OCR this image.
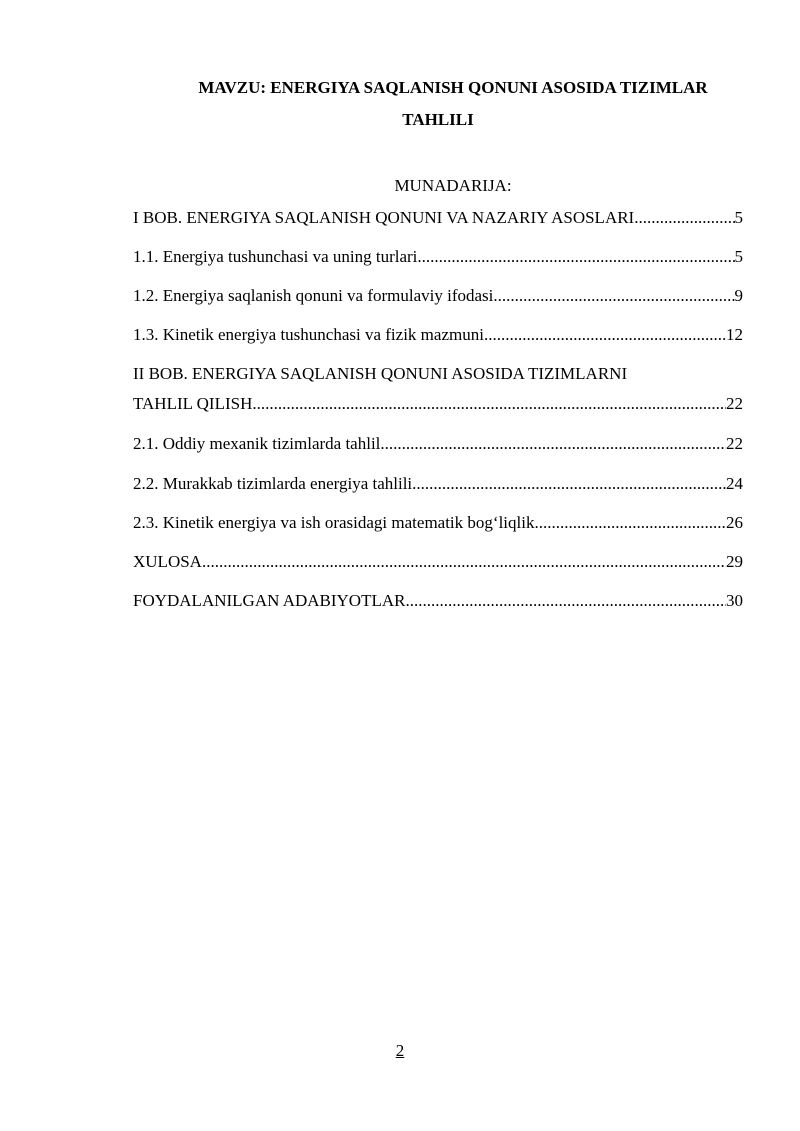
MAVZU: ENERGIYA SAQLANISH QONUNI ASOSIDA TIZIMLAR
TAHLILI
MUNADARIJA:
I BOB. ENERGIYA SAQLANISH QONUNI VA NAZARIY ASOSLARI .....	5
1.1. Energiya tushunchasi va uning turlari .....	5
1.2. Energiya saqlanish qonuni va formulaviy ifodasi .....	9
1.3. Kinetik energiya tushunchasi va fizik mazmuni .....	12
II BOB. ENERGIYA SAQLANISH QONUNI ASOSIDA TIZIMLARNI
TAHLIL QILISH .....	22
2.1. Oddiy mexanik tizimlarda tahlil .....	22
2.2. Murakkab tizimlarda energiya tahlili .....	24
2.3. Kinetik energiya va ish orasidagi matematik bog‘liqlik .....	26
XULOSA .....	29
FOYDALANILGAN ADABIYOTLAR .....	30
2
